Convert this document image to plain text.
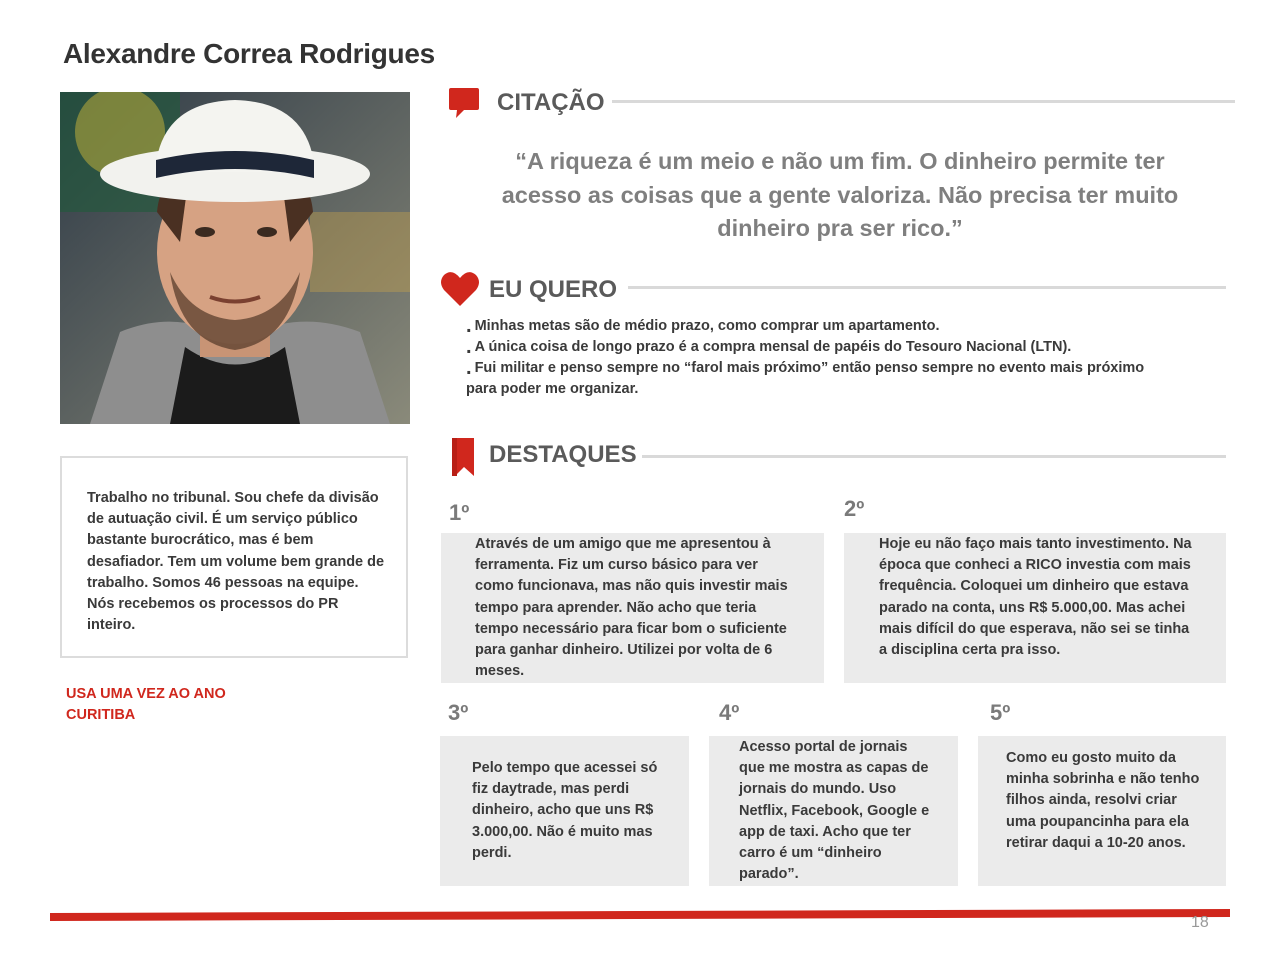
Alexandre Correa Rodrigues

Trabalho no tribunal. Sou chefe da divisão de autuação civil. É um serviço público bastante burocrático, mas é bem desafiador. Tem um volume bem grande de trabalho. Somos 46 pessoas na equipe. Nós recebemos os processos do PR inteiro.

USA UMA VEZ AO ANO
CURITIBA
CITAÇÃO
“A riqueza é um meio e não um fim. O dinheiro permite ter
acesso as coisas que a gente valoriza. Não precisa ter muito
dinheiro pra ser rico.”
EU QUERO
. Minhas metas são de médio prazo, como comprar um apartamento.
. A única coisa de longo prazo é a compra mensal de papéis do Tesouro Nacional (LTN).
. Fui militar e penso sempre no “farol mais próximo” então penso sempre no evento mais próximo
para poder me organizar.
DESTAQUES
1º

Através de um amigo que me apresentou à ferramenta. Fiz um curso básico para ver como funcionava, mas não quis investir mais tempo para aprender. Não acho que teria tempo necessário para ficar bom o suficiente para ganhar dinheiro. Utilizei por volta de 6 meses.

2º

Hoje eu não faço mais tanto investimento. Na época que conheci a RICO investia com mais frequência. Coloquei um dinheiro que estava parado na conta, uns R$ 5.000,00. Mas achei mais difícil do que esperava, não sei se tinha a disciplina certa pra isso.

3º

Pelo tempo que acessei só fiz daytrade, mas perdi dinheiro, acho que uns R$ 3.000,00. Não é muito mas perdi.

4º

Acesso portal de jornais que me mostra as capas de jornais do mundo. Uso Netflix, Facebook, Google e app de taxi. Acho que ter carro é um “dinheiro parado”.

5º

Como eu gosto muito da minha sobrinha e não tenho filhos ainda, resolvi criar uma poupancinha para ela retirar daqui a 10-20 anos.

18
